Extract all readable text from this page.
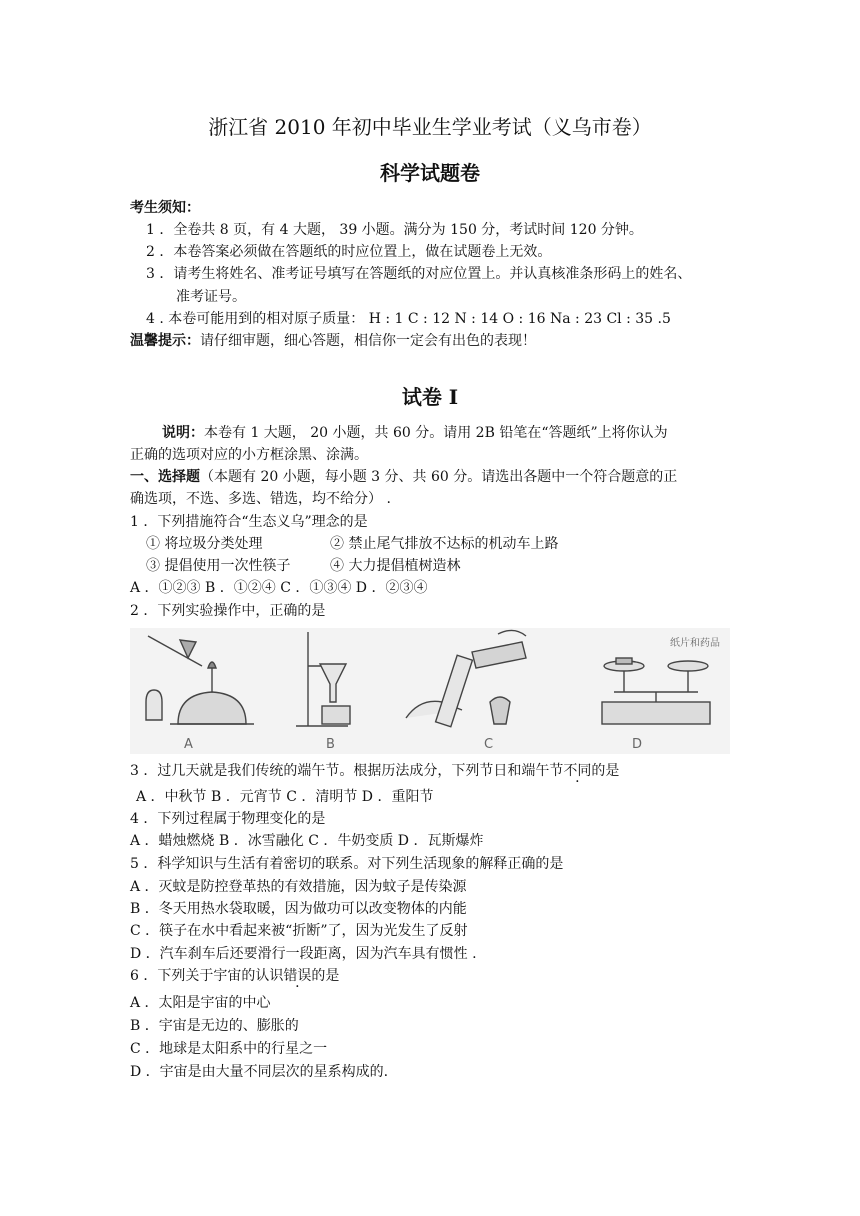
浙江省 2010 年初中毕业生学业考试（义乌市卷）
科学试题卷
考生须知：
1 ．全卷共 8 页，有 4 大题， 39 小题。满分为 150 分，考试时间 120 分钟。
2 ．本卷答案必须做在答题纸的时应位置上，做在试题卷上无效。
3 ．请考生将姓名、准考证号填写在答题纸的对应位置上。并认真核准条形码上的姓名、
准考证号。
4 . 本卷可能用到的相对原子质量： H : 1 C : 12 N : 14 O : 16 Na : 23 Cl : 35 .5
温馨提示：请仔细审题，细心答题，相信你一定会有出色的表现！
试卷 I
说明：本卷有 1 大题， 20 小题，共 60 分。请用 2B 铅笔在“答题纸”上将你认为
正确的选项对应的小方框涂黑、涂满。
一、选择题（本题有 20 小题，每小题 3 分、共 60 分。请选出各题中一个符合题意的正
确选项，不选、多选、错选，均不给分） .
1 ．下列措施符合“生态义乌”理念的是
① 将垃圾分类处理	② 禁止尾气排放不达标的机动车上路
③ 提倡使用一次性筷子	④ 大力提倡植树造林
A ．①②③ B ．①②④ C ．①③④ D ．②③④
2 ．下列实验操作中，正确的是
纸片和药品
A	B	C	D
3 ．过几天就是我们传统的端午节。根据历法成分，下列节日和端午节不同的是
A ．中秋节 B ．元宵节 C ．清明节 D ．重阳节
4 ．下列过程属于物理变化的是
A ．蜡烛燃烧 B ．冰雪融化 C ．牛奶变质 D ．瓦斯爆炸
5 ．科学知识与生活有着密切的联系。对下列生活现象的解释正确的是
A ．灭蚊是防控登革热的有效措施，因为蚊子是传染源
B ．冬天用热水袋取暖，因为做功可以改变物体的内能
C ．筷子在水中看起来被“折断”了，因为光发生了反射
D ．汽车刹车后还要滑行一段距离，因为汽车具有惯性 .
6 ．下列关于宇宙的认识错误的是
A ．太阳是宇宙的中心
B ．宇宙是无边的、膨胀的
C ．地球是太阳系中的行星之一
D ．宇宙是由大量不同层次的星系构成的.
